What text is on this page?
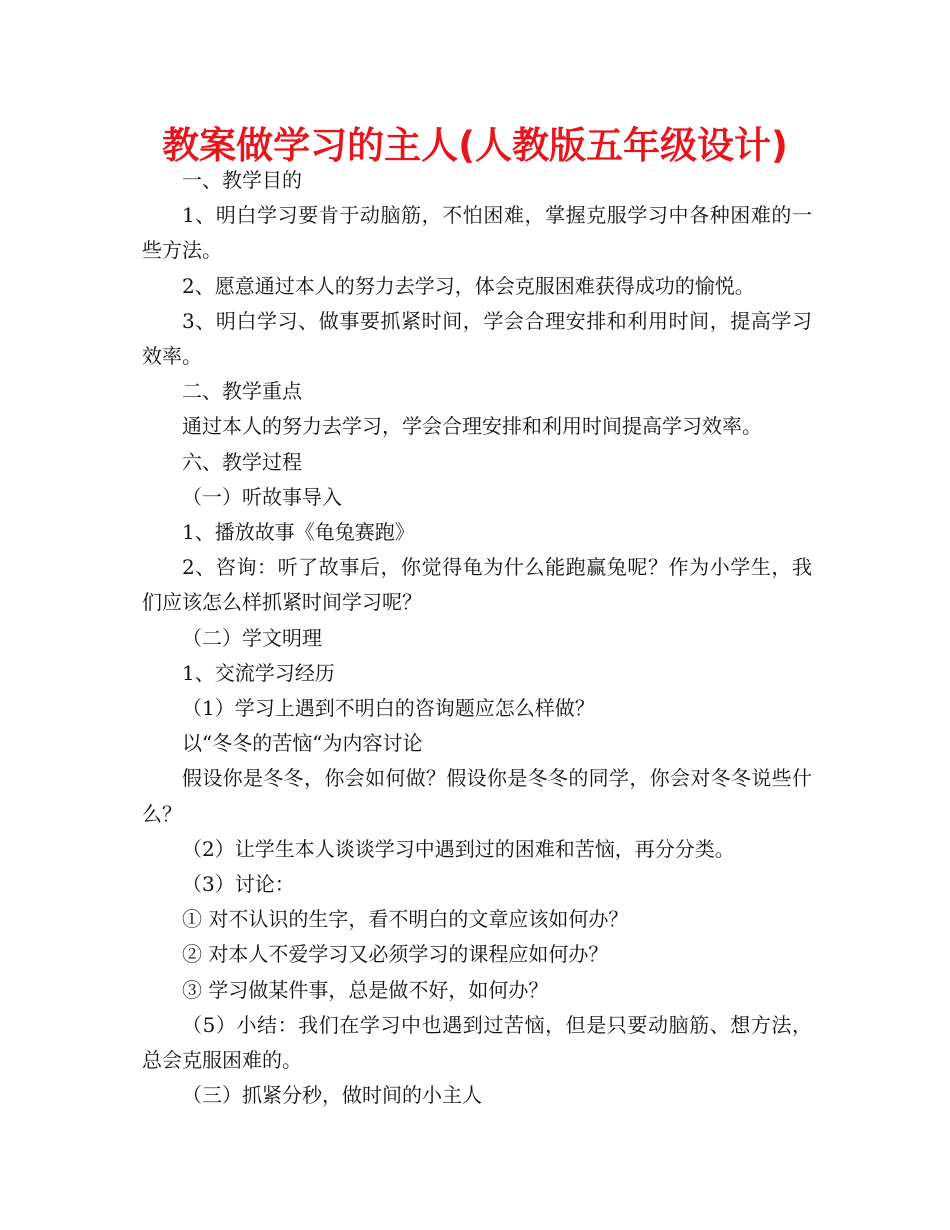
教案做学习的主人(人教版五年级设计)

一、教学目的

1、明白学习要肯于动脑筋，不怕困难，掌握克服学习中各种困难的一些方法。

2、愿意通过本人的努力去学习，体会克服困难获得成功的愉悦。

3、明白学习、做事要抓紧时间，学会合理安排和利用时间，提高学习效率。

二、教学重点

通过本人的努力去学习，学会合理安排和利用时间提高学习效率。

六、教学过程

（一）听故事导入

1、播放故事《龟兔赛跑》

2、咨询：听了故事后，你觉得龟为什么能跑赢兔呢？作为小学生，我们应该怎么样抓紧时间学习呢？

（二）学文明理

1、交流学习经历

（1）学习上遇到不明白的咨询题应怎么样做？

以“冬冬的苦恼“为内容讨论

假设你是冬冬，你会如何做？假设你是冬冬的同学，你会对冬冬说些什么？

（2）让学生本人谈谈学习中遇到过的困难和苦恼，再分分类。

（3）讨论：

① 对不认识的生字，看不明白的文章应该如何办？

② 对本人不爱学习又必须学习的课程应如何办？

③ 学习做某件事，总是做不好，如何办？

（5）小结：我们在学习中也遇到过苦恼，但是只要动脑筋、想方法，总会克服困难的。

（三）抓紧分秒，做时间的小主人
